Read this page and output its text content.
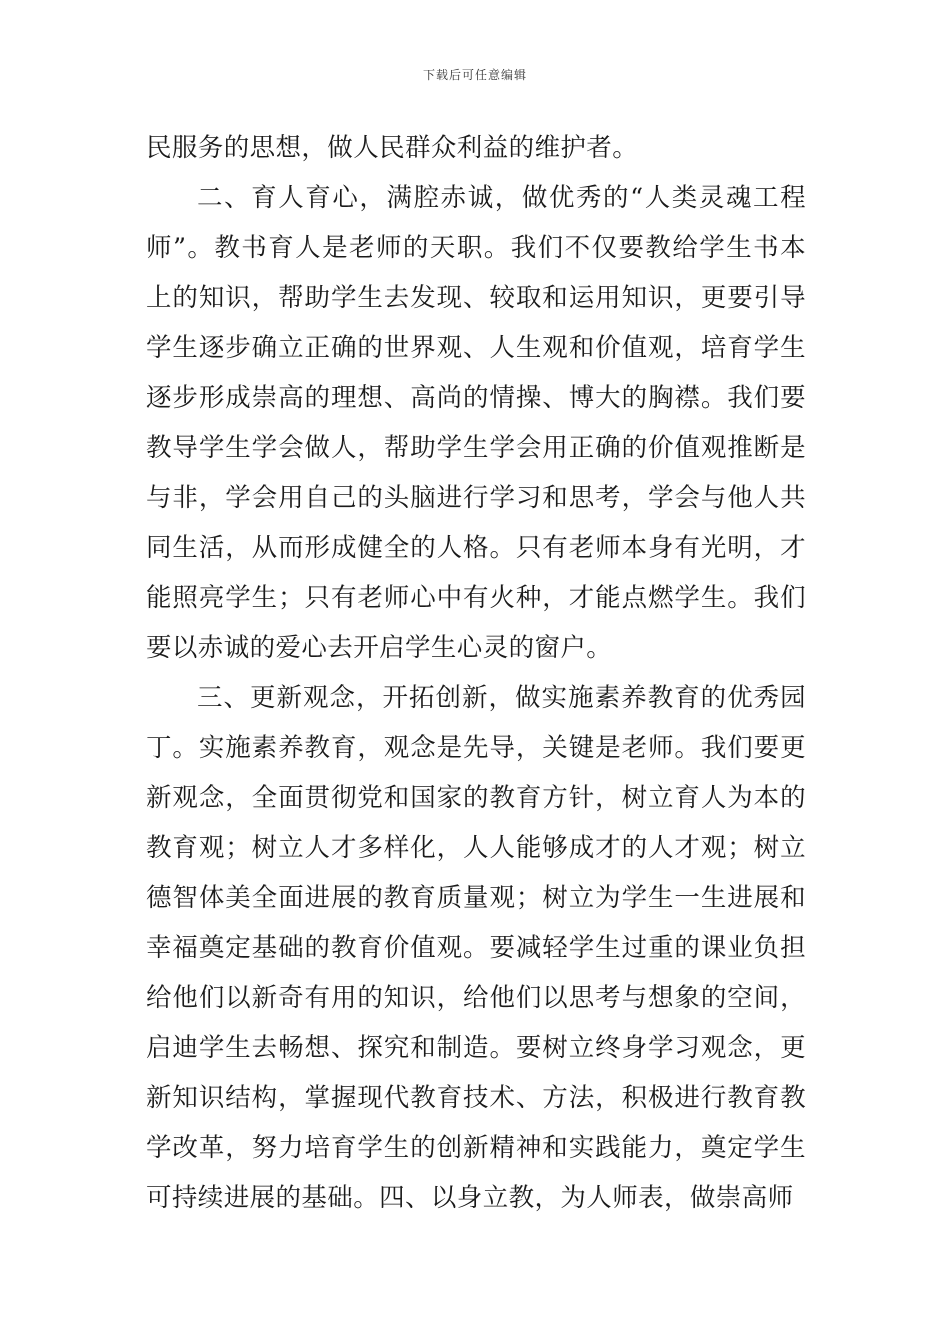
下载后可任意编辑

民服务的思想，做人民群众利益的维护者。

二、育人育心，满腔赤诚，做优秀的“人类灵魂工程师”。教书育人是老师的天职。我们不仅要教给学生书本上的知识，帮助学生去发现、较取和运用知识，更要引导学生逐步确立正确的世界观、人生观和价值观，培育学生逐步形成崇高的理想、高尚的情操、博大的胸襟。我们要教导学生学会做人，帮助学生学会用正确的价值观推断是与非，学会用自己的头脑进行学习和思考，学会与他人共同生活，从而形成健全的人格。只有老师本身有光明，才能照亮学生；只有老师心中有火种，才能点燃学生。我们要以赤诚的爱心去开启学生心灵的窗户。

三、更新观念，开拓创新，做实施素养教育的优秀园丁。实施素养教育，观念是先导，关键是老师。我们要更新观念，全面贯彻党和国家的教育方针，树立育人为本的教育观；树立人才多样化，人人能够成才的人才观；树立德智体美全面进展的教育质量观；树立为学生一生进展和幸福奠定基础的教育价值观。要减轻学生过重的课业负担给他们以新奇有用的知识，给他们以思考与想象的空间，启迪学生去畅想、探究和制造。要树立终身学习观念，更新知识结构，掌握现代教育技术、方法，积极进行教育教学改革，努力培育学生的创新精神和实践能力，奠定学生可持续进展的基础。四、以身立教，为人师表，做崇高师
